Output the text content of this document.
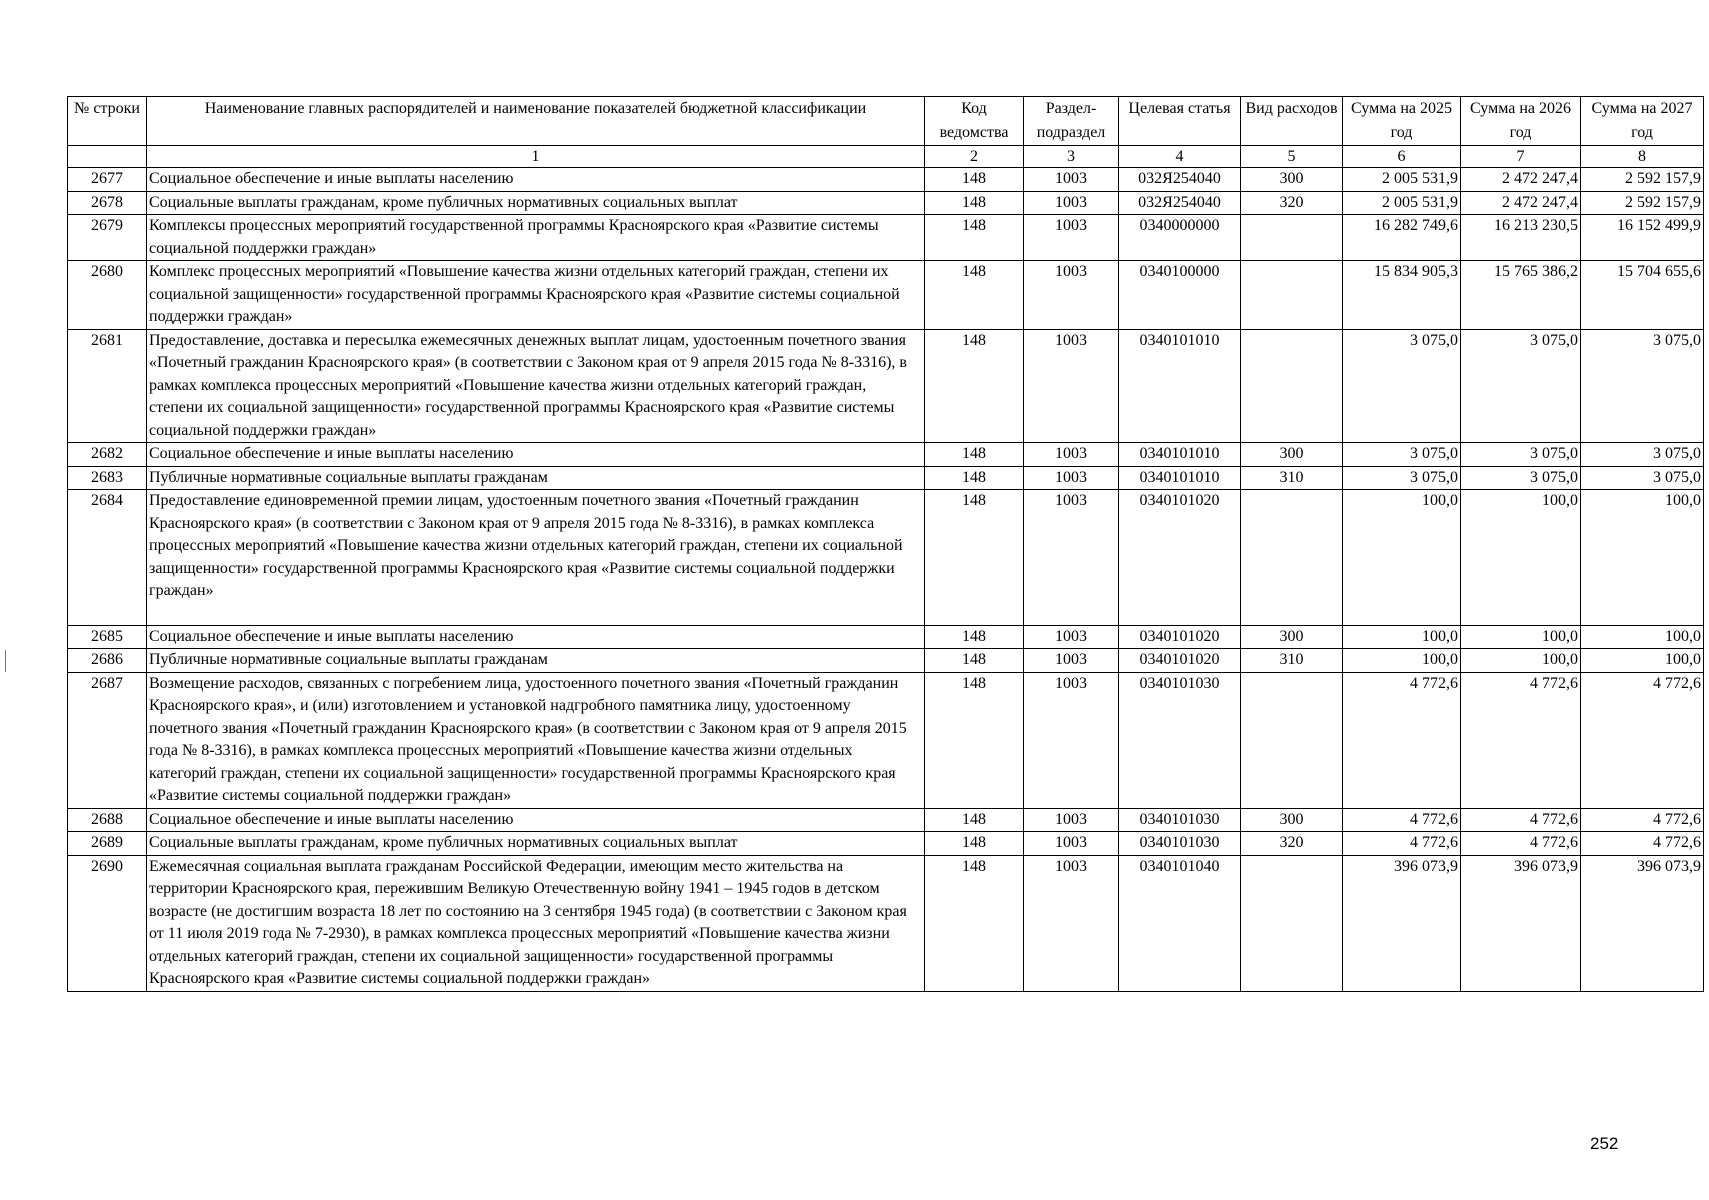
№ строки	Наименование главных распорядителей и наименование показателей бюджетной классификации	Код ведомства	Раздел-подраздел	Целевая статья	Вид расходов	Сумма на 2025 год	Сумма на 2026 год	Сумма на 2027 год
	1	2	3	4	5	6	7	8
2677	Социальное обеспечение и иные выплаты населению	148	1003	032Я254040	300	2 005 531,9	2 472 247,4	2 592 157,9
2678	Социальные выплаты гражданам, кроме публичных нормативных социальных выплат	148	1003	032Я254040	320	2 005 531,9	2 472 247,4	2 592 157,9
2679	Комплексы процессных мероприятий государственной программы Красноярского края «Развитие системы социальной поддержки граждан»	148	1003	0340000000		16 282 749,6	16 213 230,5	16 152 499,9
2680	Комплекс процессных мероприятий «Повышение качества жизни отдельных категорий граждан, степени их социальной защищенности» государственной программы Красноярского края «Развитие системы социальной поддержки граждан»	148	1003	0340100000		15 834 905,3	15 765 386,2	15 704 655,6
2681	Предоставление, доставка и пересылка ежемесячных денежных выплат лицам, удостоенным почетного звания «Почетный гражданин Красноярского края» (в соответствии с Законом края от 9 апреля 2015 года № 8-3316), в рамках комплекса процессных мероприятий «Повышение качества жизни отдельных категорий граждан, степени их социальной защищенности» государственной программы Красноярского края «Развитие системы социальной поддержки граждан»	148	1003	0340101010		3 075,0	3 075,0	3 075,0
2682	Социальное обеспечение и иные выплаты населению	148	1003	0340101010	300	3 075,0	3 075,0	3 075,0
2683	Публичные нормативные социальные выплаты гражданам	148	1003	0340101010	310	3 075,0	3 075,0	3 075,0
2684	Предоставление единовременной премии лицам, удостоенным почетного звания «Почетный гражданин Красноярского края» (в соответствии с Законом края от 9 апреля 2015 года № 8-3316), в рамках комплекса процессных мероприятий «Повышение качества жизни отдельных категорий граждан, степени их социальной защищенности» государственной программы Красноярского края «Развитие системы социальной поддержки граждан»	148	1003	0340101020		100,0	100,0	100,0
2685	Социальное обеспечение и иные выплаты населению	148	1003	0340101020	300	100,0	100,0	100,0
2686	Публичные нормативные социальные выплаты гражданам	148	1003	0340101020	310	100,0	100,0	100,0
2687	Возмещение расходов, связанных с погребением лица, удостоенного почетного звания «Почетный гражданин Красноярского края», и (или) изготовлением и установкой надгробного памятника лицу, удостоенному почетного звания «Почетный гражданин Красноярского края» (в соответствии с Законом края от 9 апреля 2015 года № 8-3316), в рамках комплекса процессных мероприятий «Повышение качества жизни отдельных категорий граждан, степени их социальной защищенности» государственной программы Красноярского края «Развитие системы социальной поддержки граждан»	148	1003	0340101030		4 772,6	4 772,6	4 772,6
2688	Социальное обеспечение и иные выплаты населению	148	1003	0340101030	300	4 772,6	4 772,6	4 772,6
2689	Социальные выплаты гражданам, кроме публичных нормативных социальных выплат	148	1003	0340101030	320	4 772,6	4 772,6	4 772,6
2690	Ежемесячная социальная выплата гражданам Российской Федерации, имеющим место жительства на территории Красноярского края, пережившим Великую Отечественную войну 1941 – 1945 годов в детском возрасте (не достигшим возраста 18 лет по состоянию на 3 сентября 1945 года) (в соответствии с Законом края от 11 июля 2019 года № 7-2930), в рамках комплекса процессных мероприятий «Повышение качества жизни отдельных категорий граждан, степени их социальной защищенности» государственной программы Красноярского края «Развитие системы социальной поддержки граждан»	148	1003	0340101040		396 073,9	396 073,9	396 073,9
252
